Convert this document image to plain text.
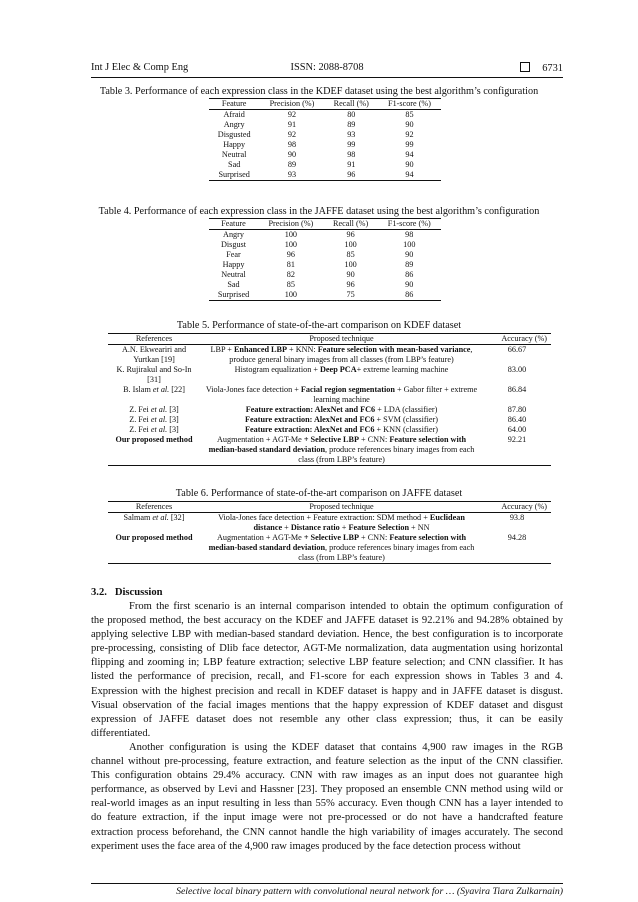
Int J Elec & Comp Eng	ISSN: 2088-8708	6731
Table 3. Performance of each expression class in the KDEF dataset using the best algorithm’s configuration
Feature	Precision (%)	Recall (%)	F1-score (%)
Afraid	92	80	85
Angry	91	89	90
Disgusted	92	93	92
Happy	98	99	99
Neutral	90	98	94
Sad	89	91	90
Surprised	93	96	94
Table 4. Performance of each expression class in the JAFFE dataset using the best algorithm’s configuration
Feature	Precision (%)	Recall (%)	F1-score (%)
Angry	100	96	98
Disgust	100	100	100
Fear	96	85	90
Happy	81	100	89
Neutral	82	90	86
Sad	85	96	90
Surprised	100	75	86
Table 5. Performance of state-of-the-art comparison on KDEF dataset
References	Proposed technique	Accuracy (%)
A.N. Ekweariri and Yurtkan [19]	LBP + Enhanced LBP + KNN: Feature selection with mean-based variance, produce general binary images from all classes (from LBP’s feature)	66.67
K. Rujirakul and So-In [31]	Histogram equalization + Deep PCA+ extreme learning machine	83.00
B. Islam et al. [22]	Viola-Jones face detection + Facial region segmentation + Gabor filter + extreme learning machine	86.84
Z. Fei et al. [3]	Feature extraction: AlexNet and FC6 + LDA (classifier)	87.80
Z. Fei et al. [3]	Feature extraction: AlexNet and FC6 + SVM (classifier)	86.40
Z. Fei et al. [3]	Feature extraction: AlexNet and FC6 + KNN (classifier)	64.00
Our proposed method	Augmentation + AGT-Me + Selective LBP + CNN: Feature selection with median-based standard deviation, produce references binary images from each class (from LBP’s feature)	92.21
Table 6. Performance of state-of-the-art comparison on JAFFE dataset
References	Proposed technique	Accuracy (%)
Salmam et al. [32]	Viola-Jones face detection + Feature extraction: SDM method + Euclidean distance + Distance ratio + Feature Selection + NN	93.8
Our proposed method	Augmentation + AGT-Me + Selective LBP + CNN: Feature selection with median-based standard deviation, produce references binary images from each class (from LBP’s feature)	94.28
3.2.   Discussion
From the first scenario is an internal comparison intended to obtain the optimum configuration of
the proposed method, the best accuracy on the KDEF and JAFFE dataset is 92.21% and 94.28% obtained by
applying selective LBP with median-based standard deviation. Hence, the best configuration is to incorporate
pre-processing, consisting of Dlib face detector, AGT-Me normalization, data augmentation using horizontal
flipping and zooming in; LBP feature extraction; selective LBP feature selection; and CNN classifier. It has
listed the performance of precision, recall, and F1-score for each expression shows in Tables 3 and 4.
Expression with the highest precision and recall in KDEF dataset is happy and in JAFFE dataset is disgust.
Visual observation of the facial images mentions that the happy expression of KDEF dataset and disgust
expression of JAFFE dataset does not resemble any other class expression; thus, it can be easily
differentiated.
Another configuration is using the KDEF dataset that contains 4,900 raw images in the RGB
channel without pre-processing, feature extraction, and feature selection as the input of the CNN classifier.
This configuration obtains 29.4% accuracy. CNN with raw images as an input does not guarantee high
performance, as observed by Levi and Hassner [23]. They proposed an ensemble CNN method using wild or
real-world images as an input resulting in less than 55% accuracy. Even though CNN has a layer intended to
do feature extraction, if the input image were not pre-processed or do not have a handcrafted feature
extraction process beforehand, the CNN cannot handle the high variability of images accurately. The second
experiment uses the face area of the 4,900 raw images produced by the face detection process without
Selective local binary pattern with convolutional neural network for … (Syavira Tiara Zulkarnain)
